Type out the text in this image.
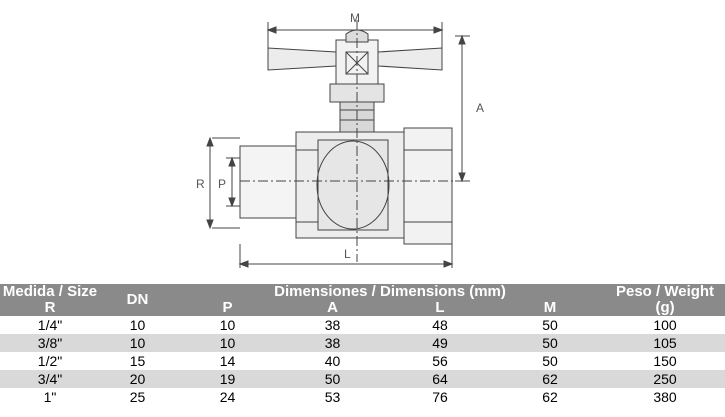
M
A
R P
L
Medida / Size R	DN	Dimensiones / Dimensions (mm)				Peso / Weight (g)
		P	A	L	M	
1/4"	10	10	38	48	50	100
3/8"	10	10	38	49	50	105
1/2"	15	14	40	56	50	150
3/4"	20	19	50	64	62	250
1"	25	24	53	76	62	380
